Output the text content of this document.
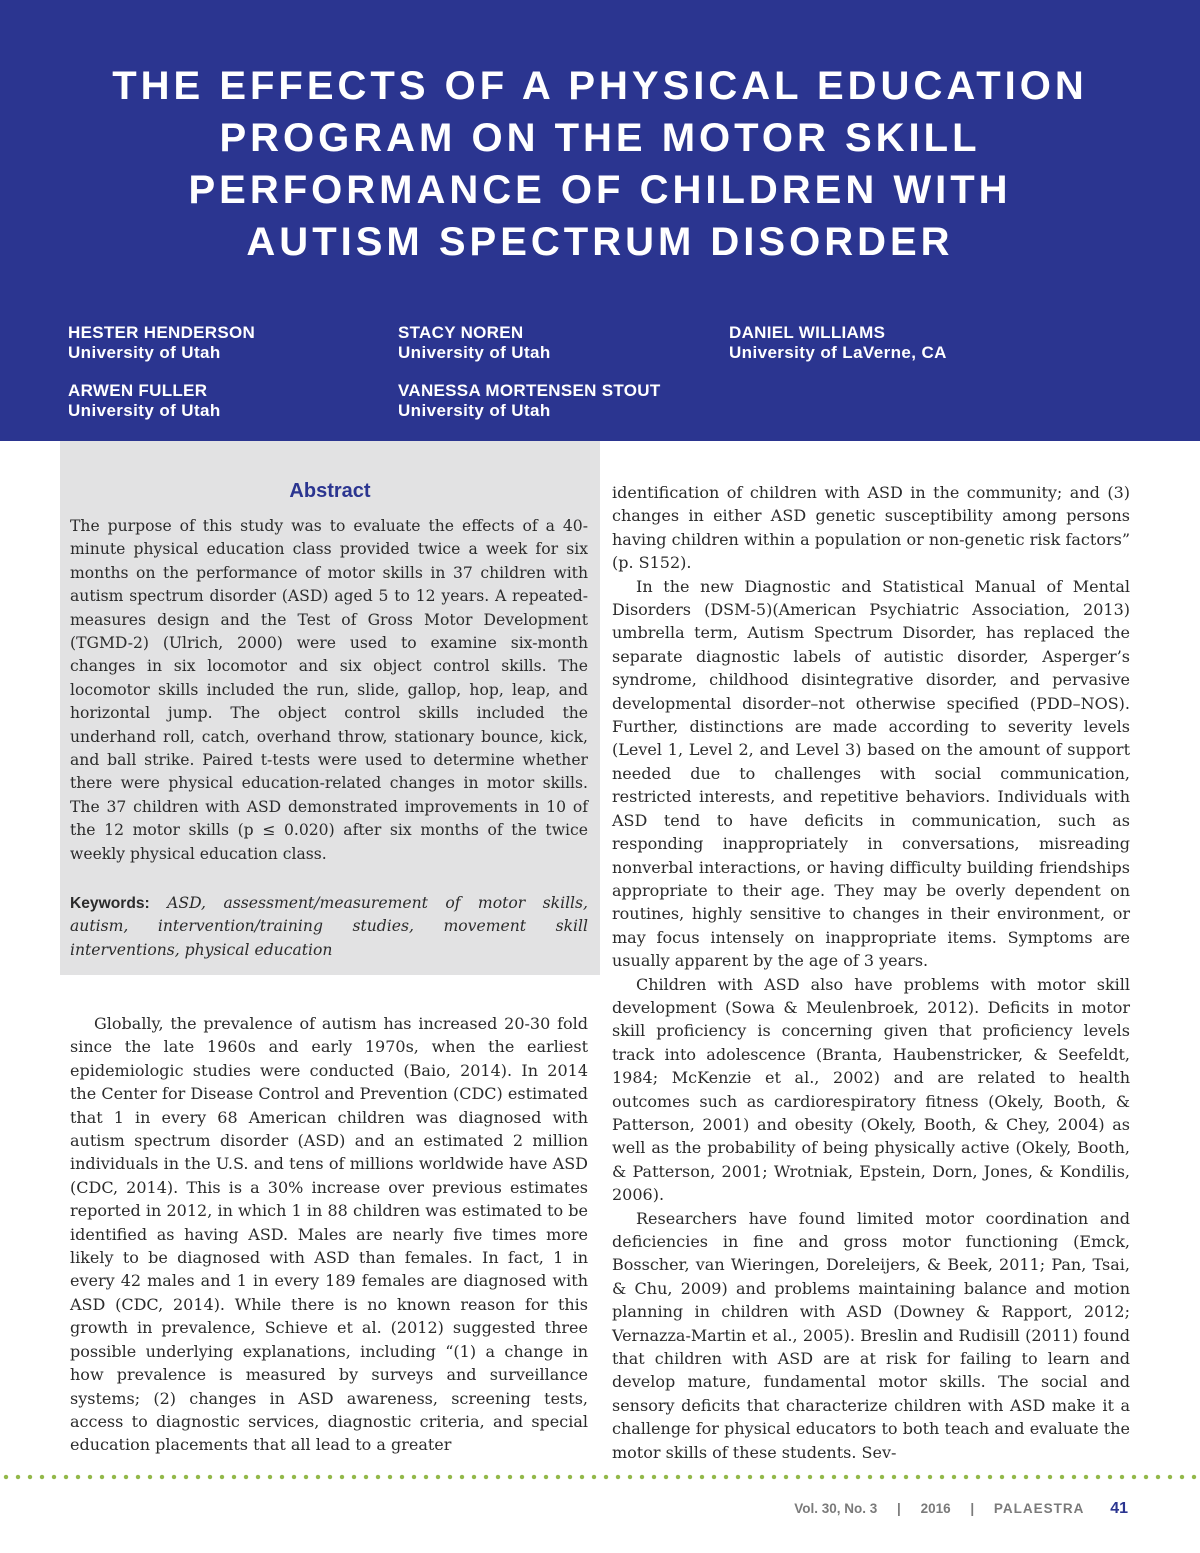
THE EFFECTS OF A PHYSICAL EDUCATION
PROGRAM ON THE MOTOR SKILL
PERFORMANCE OF CHILDREN WITH
AUTISM SPECTRUM DISORDER
HESTER HENDERSON
University of Utah
STACY NOREN
University of Utah
DANIEL WILLIAMS
University of LaVerne, CA
ARWEN FULLER
University of Utah
VANESSA MORTENSEN STOUT
University of Utah
Abstract

The purpose of this study was to evaluate the effects of a 40-minute physical education class provided twice a week for six months on the performance of motor skills in 37 children with autism spectrum disorder (ASD) aged 5 to 12 years. A repeated-measures design and the Test of Gross Motor Development (TGMD-2) (Ulrich, 2000) were used to examine six-month changes in six locomotor and six object control skills. The locomotor skills included the run, slide, gallop, hop, leap, and horizontal jump. The object control skills included the underhand roll, catch, overhand throw, stationary bounce, kick, and ball strike. Paired t-tests were used to determine whether there were physical education-related changes in motor skills. The 37 children with ASD demonstrated improvements in 10 of the 12 motor skills (p ≤ 0.020) after six months of the twice weekly physical education class.

Keywords: ASD, assessment/measurement of motor skills, autism, intervention/training studies, movement skill interventions, physical education

Globally, the prevalence of autism has increased 20-30 fold since the late 1960s and early 1970s, when the earliest epidemiologic studies were conducted (Baio, 2014). In 2014 the Center for Disease Control and Prevention (CDC) estimated that 1 in every 68 American children was diagnosed with autism spectrum disorder (ASD) and an estimated 2 million individuals in the U.S. and tens of millions worldwide have ASD (CDC, 2014). This is a 30% increase over previous estimates reported in 2012, in which 1 in 88 children was estimated to be identified as having ASD. Males are nearly five times more likely to be diagnosed with ASD than females. In fact, 1 in every 42 males and 1 in every 189 females are diagnosed with ASD (CDC, 2014). While there is no known reason for this growth in prevalence, Schieve et al. (2012) suggested three possible underlying explanations, including “(1) a change in how prevalence is measured by surveys and surveillance systems; (2) changes in ASD awareness, screening tests, access to diagnostic services, diagnostic criteria, and special education placements that all lead to a greater

identification of children with ASD in the community; and (3) changes in either ASD genetic susceptibility among persons having children within a population or non-genetic risk factors” (p. S152).

In the new Diagnostic and Statistical Manual of Mental Disorders (DSM-5)(American Psychiatric Association, 2013) umbrella term, Autism Spectrum Disorder, has replaced the separate diagnostic labels of autistic disorder, Asperger’s syndrome, childhood disintegrative disorder, and pervasive developmental disorder–not otherwise specified (PDD–NOS). Further, distinctions are made according to severity levels (Level 1, Level 2, and Level 3) based on the amount of support needed due to challenges with social communication, restricted interests, and repetitive behaviors. Individuals with ASD tend to have deficits in communication, such as responding inappropriately in conversations, misreading nonverbal interactions, or having difficulty building friendships appropriate to their age. They may be overly dependent on routines, highly sensitive to changes in their environment, or may focus intensely on inappropriate items. Symptoms are usually apparent by the age of 3 years.

Children with ASD also have problems with motor skill development (Sowa & Meulenbroek, 2012). Deficits in motor skill proficiency is concerning given that proficiency levels track into adolescence (Branta, Haubenstricker, & Seefeldt, 1984; McKenzie et al., 2002) and are related to health outcomes such as cardiorespiratory fitness (Okely, Booth, & Patterson, 2001) and obesity (Okely, Booth, & Chey, 2004) as well as the probability of being physically active (Okely, Booth, & Patterson, 2001; Wrotniak, Epstein, Dorn, Jones, & Kondilis, 2006).

Researchers have found limited motor coordination and deficiencies in fine and gross motor functioning (Emck, Bosscher, van Wieringen, Doreleijers, & Beek, 2011; Pan, Tsai, & Chu, 2009) and problems maintaining balance and motion planning in children with ASD (Downey & Rapport, 2012; Vernazza-Martin et al., 2005). Breslin and Rudisill (2011) found that children with ASD are at risk for failing to learn and develop mature, fundamental motor skills. The social and sensory deficits that characterize children with ASD make it a challenge for physical educators to both teach and evaluate the motor skills of these students. Sev-

Vol. 30, No. 3 | 2016 | PALAESTRA 41
